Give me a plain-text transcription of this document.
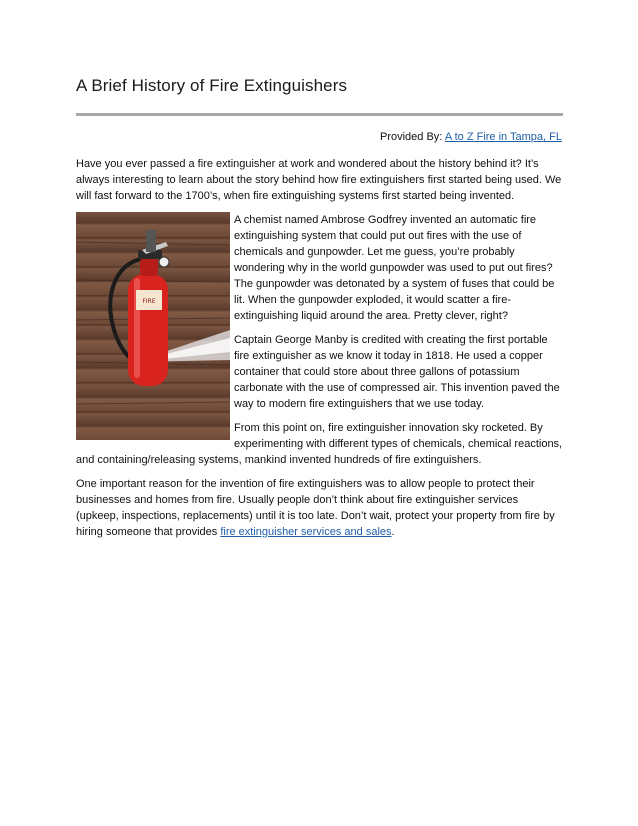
A Brief History of Fire Extinguishers
Provided By: A to Z Fire in Tampa, FL

Have you ever passed a fire extinguisher at work and wondered about the history behind it? It’s always interesting to learn about the story behind how fire extinguishers first started being used. We will fast forward to the 1700’s, when fire extinguishing systems first started being invented.

FIRE

A chemist named Ambrose Godfrey invented an automatic fire extinguishing system that could put out fires with the use of chemicals and gunpowder. Let me guess, you’re probably wondering why in the world gunpowder was used to put out fires? The gunpowder was detonated by a system of fuses that could be lit. When the gunpowder exploded, it would scatter a fire-extinguishing liquid around the area. Pretty clever, right?

Captain George Manby is credited with creating the first portable fire extinguisher as we know it today in 1818. He used a copper container that could store about three gallons of potassium carbonate with the use of compressed air. This invention paved the way to modern fire extinguishers that we use today.

From this point on, fire extinguisher innovation sky rocketed. By experimenting with different types of chemicals, chemical reactions, and containing/releasing systems, mankind invented hundreds of fire extinguishers.

One important reason for the invention of fire extinguishers was to allow people to protect their businesses and homes from fire. Usually people don’t think about fire extinguisher services (upkeep, inspections, replacements) until it is too late. Don’t wait, protect your property from fire by hiring someone that provides fire extinguisher services and sales.
